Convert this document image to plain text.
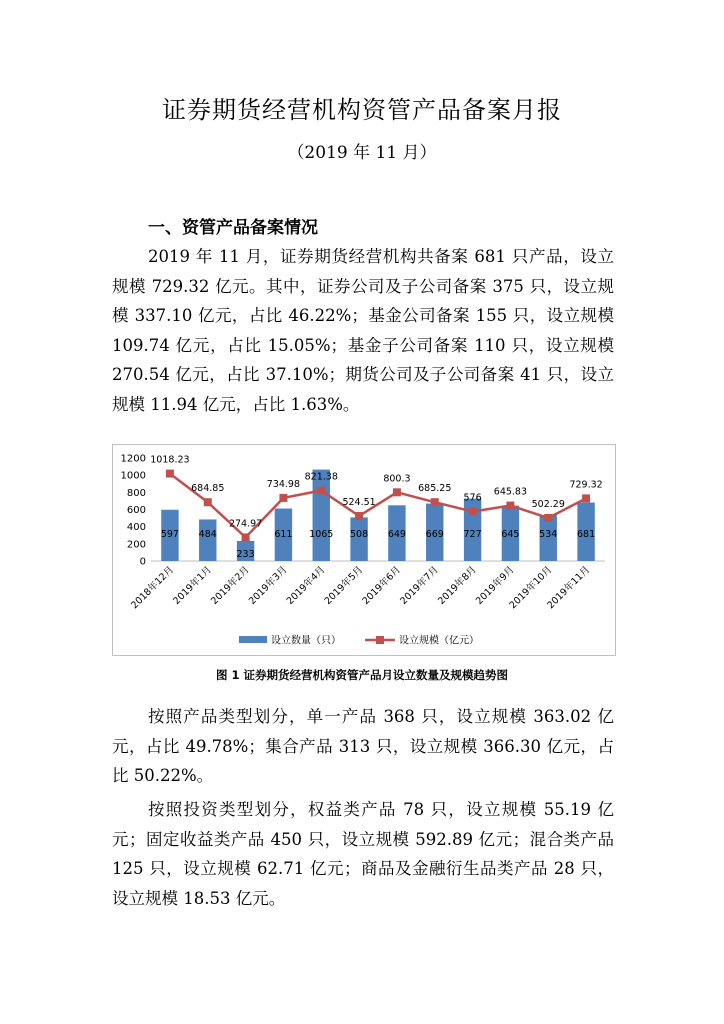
证券期货经营机构资管产品备案月报
（2019 年 11 月）
一、资管产品备案情况
2019 年 11 月，证券期货经营机构共备案 681 只产品，设立规模 729.32 亿元。其中，证券公司及子公司备案 375 只，设立规模 337.10 亿元，占比 46.22%；基金公司备案 155 只，设立规模 109.74 亿元，占比 15.05%；基金子公司备案 110 只，设立规模 270.54 亿元，占比 37.10%；期货公司及子公司备案 41 只，设立规模 11.94 亿元，占比 1.63%。
0
200
400
600
800
1000
1200
597 484
233
611 1065 508 649 669 727 645 534 681
1018.23
684.85
274.97
734.98
821.38
524.51
800.3
685.25
576
645.83
502.29
729.32
2018年12月
2019年1月
2019年2月
2019年3月
2019年4月
2019年5月
2019年6月
2019年7月
2019年8月
2019年9月
2019年10月
2019年11月
设立数量（只）	设立规模（亿元）
图 1 证券期货经营机构资管产品月设立数量及规模趋势图
按照产品类型划分，单一产品 368 只，设立规模 363.02 亿元，占比 49.78%；集合产品 313 只，设立规模 366.30 亿元，占比 50.22%。
按照投资类型划分，权益类产品 78 只，设立规模 55.19 亿元；固定收益类产品 450 只，设立规模 592.89 亿元；混合类产品 125 只，设立规模 62.71 亿元；商品及金融衍生品类产品 28 只，设立规模 18.53 亿元。
